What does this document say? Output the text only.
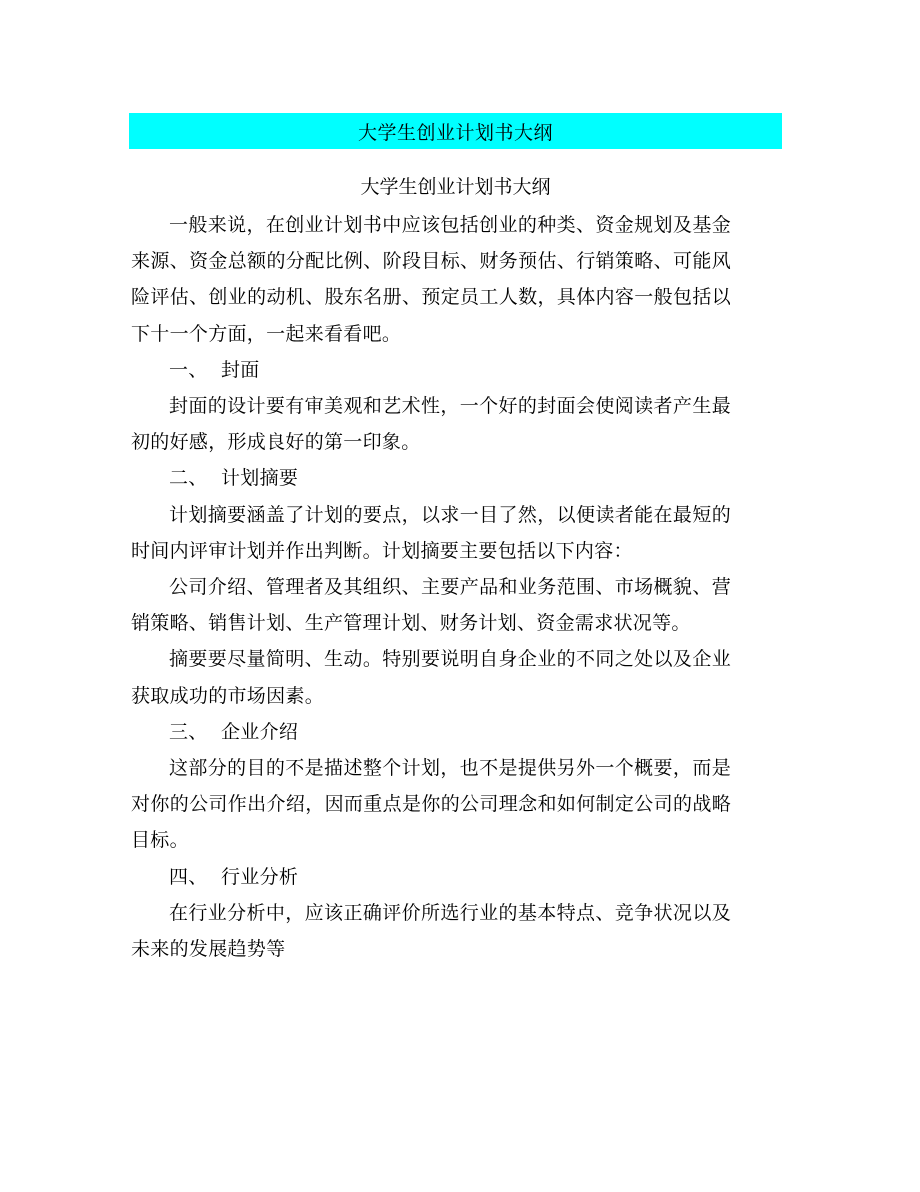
大学生创业计划书大纲
大学生创业计划书大纲

一般来说，在创业计划书中应该包括创业的种类、资金规划及基金来源、资金总额的分配比例、阶段目标、财务预估、行销策略、可能风险评估、创业的动机、股东名册、预定员工人数，具体内容一般包括以下十一个方面，一起来看看吧。

一、 封面

封面的设计要有审美观和艺术性，一个好的封面会使阅读者产生最初的好感，形成良好的第一印象。

二、 计划摘要

计划摘要涵盖了计划的要点，以求一目了然，以便读者能在最短的时间内评审计划并作出判断。计划摘要主要包括以下内容：

公司介绍、管理者及其组织、主要产品和业务范围、市场概貌、营销策略、销售计划、生产管理计划、财务计划、资金需求状况等。

摘要要尽量简明、生动。特别要说明自身企业的不同之处以及企业获取成功的市场因素。

三、 企业介绍

这部分的目的不是描述整个计划，也不是提供另外一个概要，而是对你的公司作出介绍，因而重点是你的公司理念和如何制定公司的战略目标。

四、 行业分析

在行业分析中，应该正确评价所选行业的基本特点、竞争状况以及未来的发展趋势等
